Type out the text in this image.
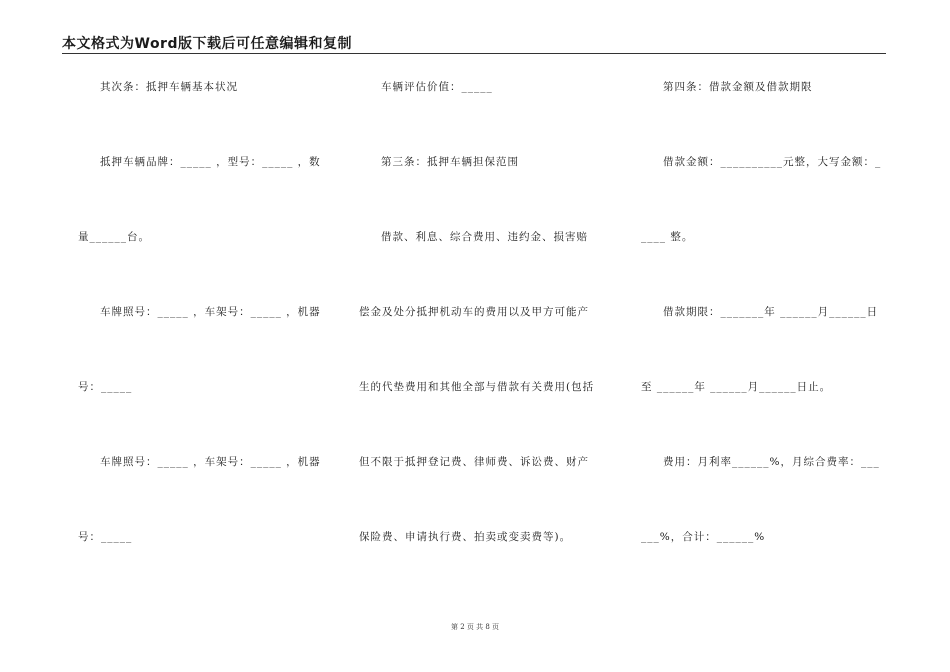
本文格式为Word版下载后可任意编辑和复制
其次条：抵押车辆基本状况
抵押车辆品牌：_____ ，型号：_____ ，数
量______台。
车牌照号：_____ ，车架号：_____ ，机器
号：_____
车牌照号：_____ ，车架号：_____ ，机器
号：_____
车辆评估价值：_____
第三条：抵押车辆担保范围
借款、利息、综合费用、违约金、损害赔
偿金及处分抵押机动车的费用以及甲方可能产
生的代垫费用和其他全部与借款有关费用(包括
但不限于抵押登记费、律师费、诉讼费、财产
保险费、申请执行费、拍卖或变卖费等)。
第四条：借款金额及借款期限
借款金额：__________元整，大写金额：_
____ 整。
借款期限：_______年 ______月______日
至 ______年 ______月______日止。
费用：月利率______%，月综合费率：___
___%，合计：______%
第 2 页 共 8 页
